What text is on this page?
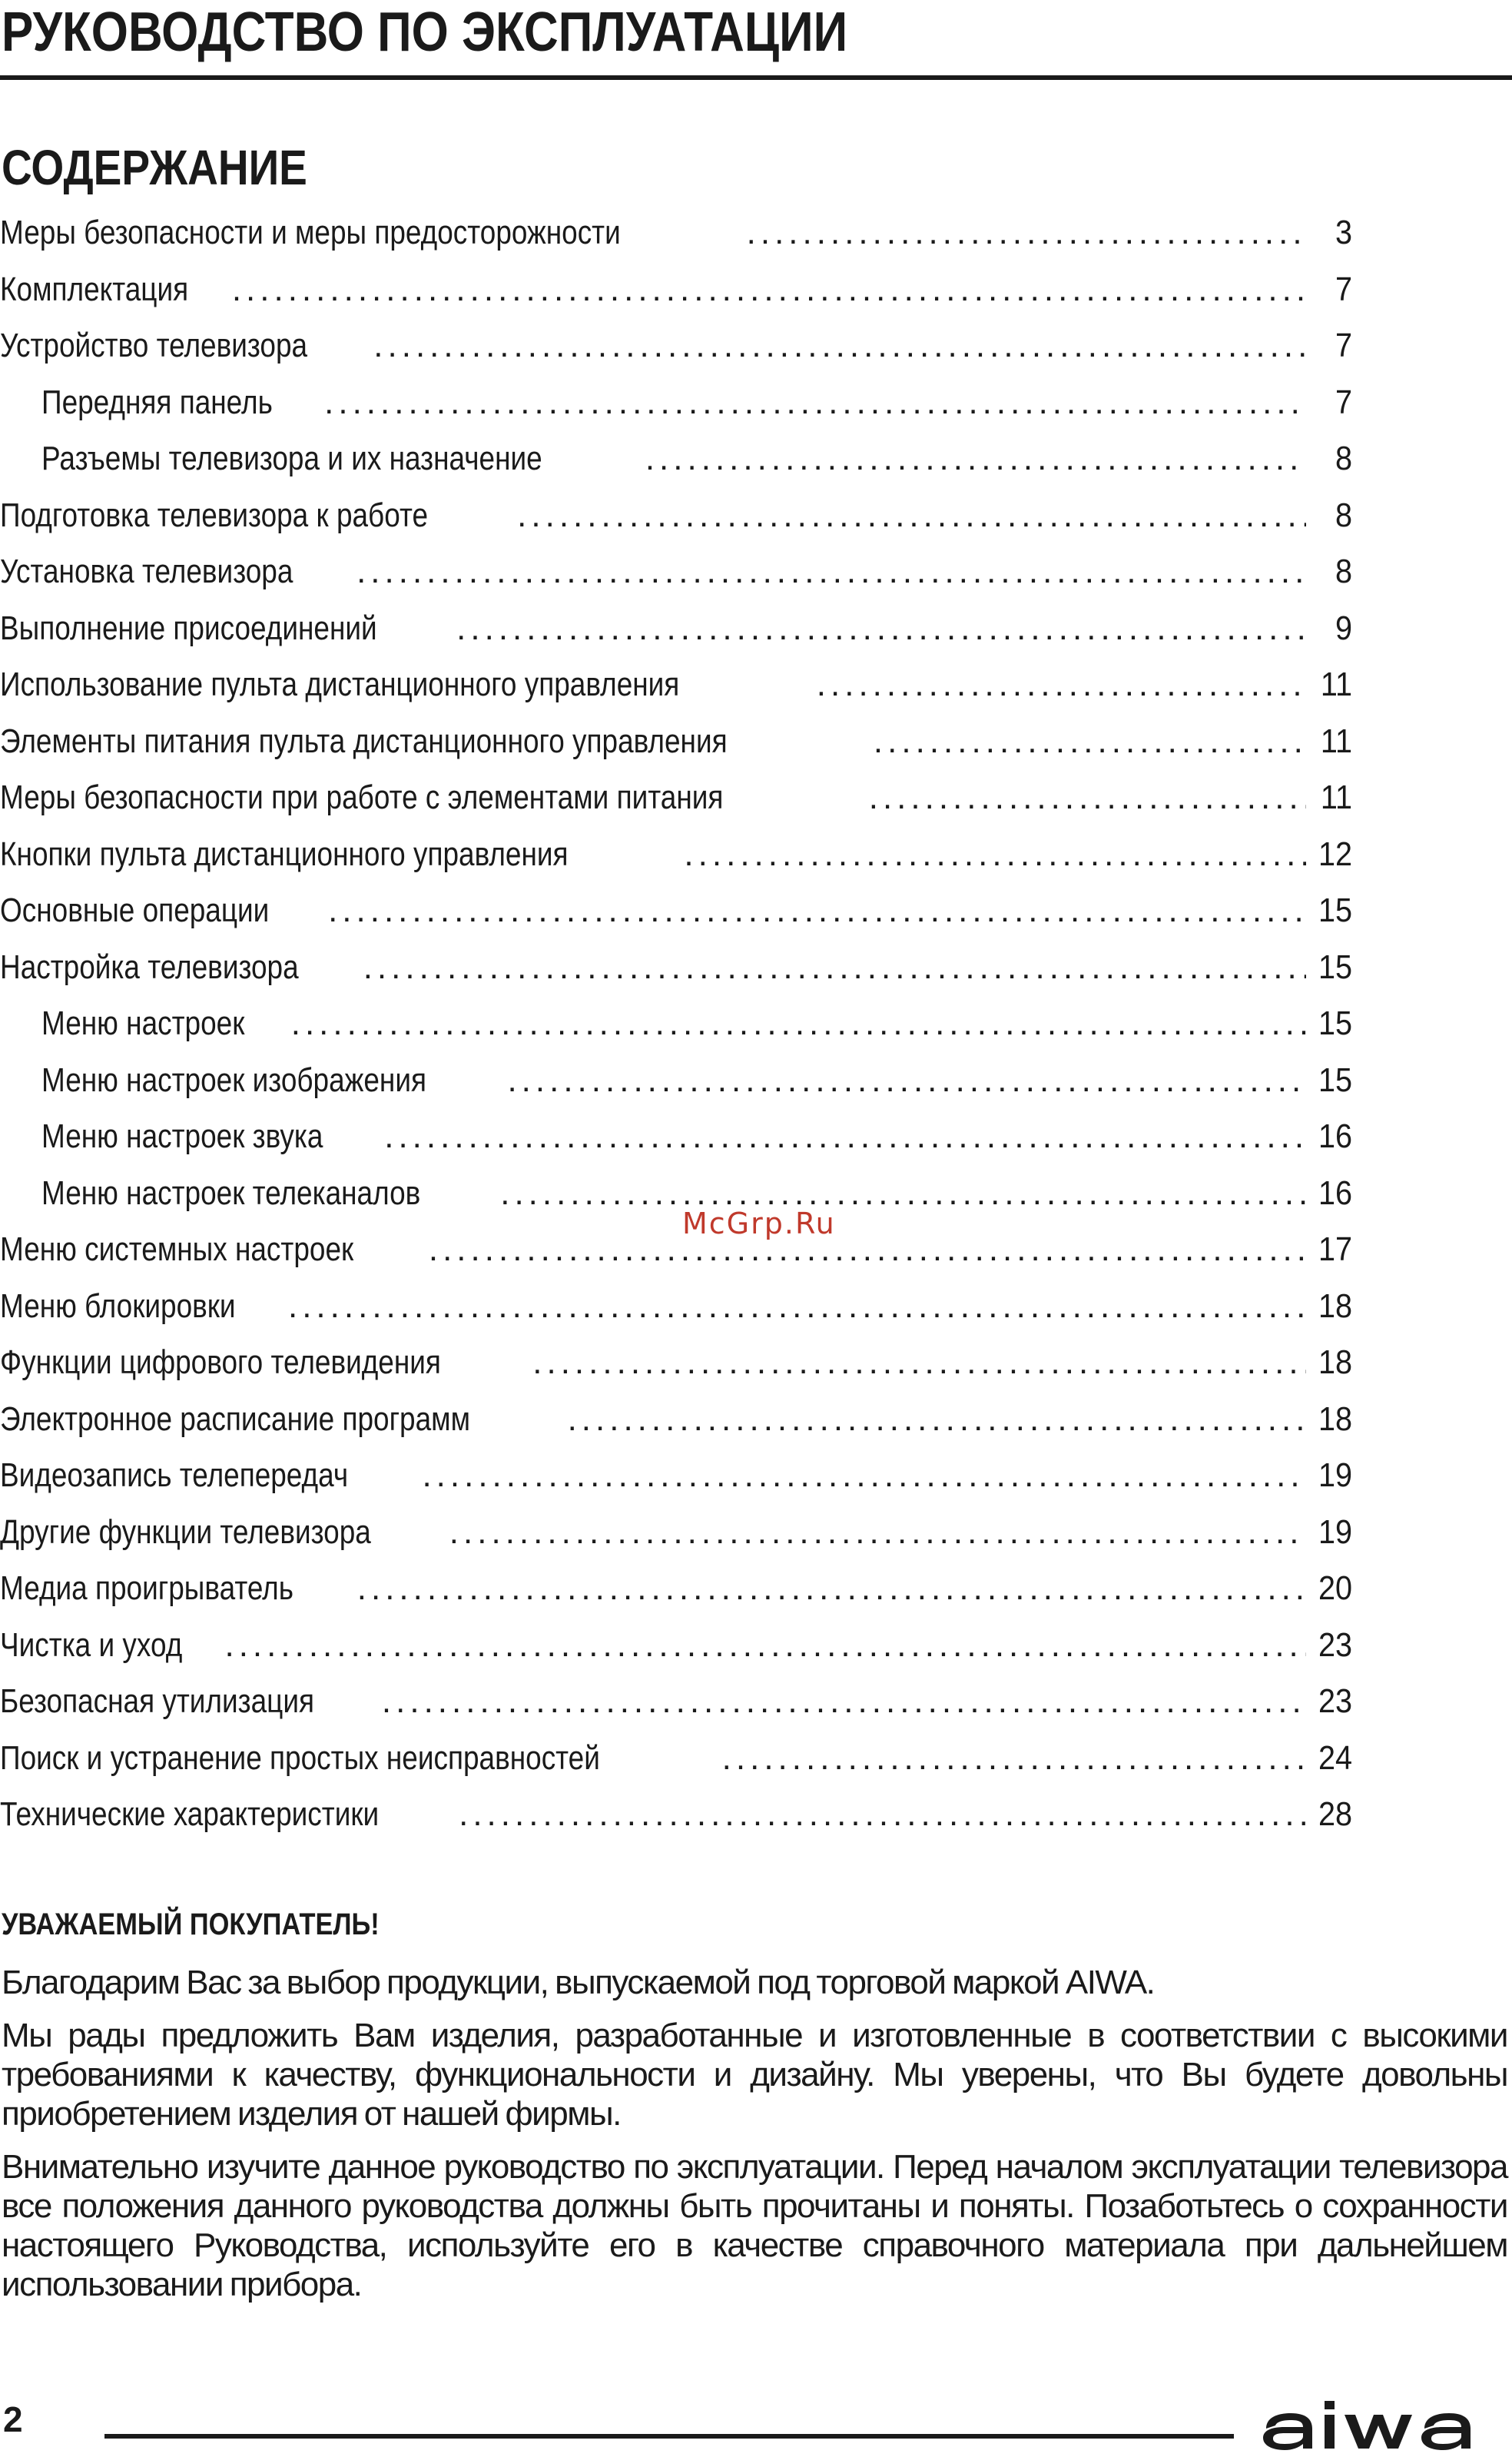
РУКОВОДСТВО ПО ЭКСПЛУАТАЦИИ
СОДЕРЖАНИЕ
Меры безопасности и меры предосторожности .....	3
Комплектация .....	7
Устройство телевизора .....	7
Передняя панель .....	7
Разъемы телевизора и их назначение .....	8
Подготовка телевизора к работе .....	8
Установка телевизора .....	8
Выполнение присоединений .....	9
Использование пульта дистанционного управления .....	11
Элементы питания пульта дистанционного управления .....	11
Меры безопасности при работе с элементами питания .....	11
Кнопки пульта дистанционного управления .....	12
Основные операции .....	15
Настройка телевизора .....	15
Меню настроек .....	15
Меню настроек изображения .....	15
Меню настроек звука .....	16
Меню настроек телеканалов .....	16
Меню системных настроек .....	17
Меню блокировки .....	18
Функции цифрового телевидения .....	18
Электронное расписание программ .....	18
Видеозапись телепередач .....	19
Другие функции телевизора .....	19
Медиа проигрыватель .....	20
Чистка и уход .....	23
Безопасная утилизация .....	23
Поиск и устранение простых неисправностей .....	24
Технические характеристики .....	28
McGrp.Ru
УВАЖАЕМЫЙ ПОКУПАТЕЛЬ!

Благодарим Вас за выбор продукции, выпускаемой под торговой маркой AIWA.

Мы рады предложить Вам изделия, разработанные и изготовленные в соответствии с высокими требованиями к качеству, функциональности и дизайну. Мы уверены, что Вы будете довольны приобретением изделия от нашей фирмы.

Внимательно изучите данное руководство по эксплуатации. Перед началом эксплуатации телевизора все положения данного руководства должны быть прочитаны и поняты. Позаботьтесь о сохранности настоящего Руководства, используйте его в качестве справочного материала при дальнейшем использовании прибора.

2
